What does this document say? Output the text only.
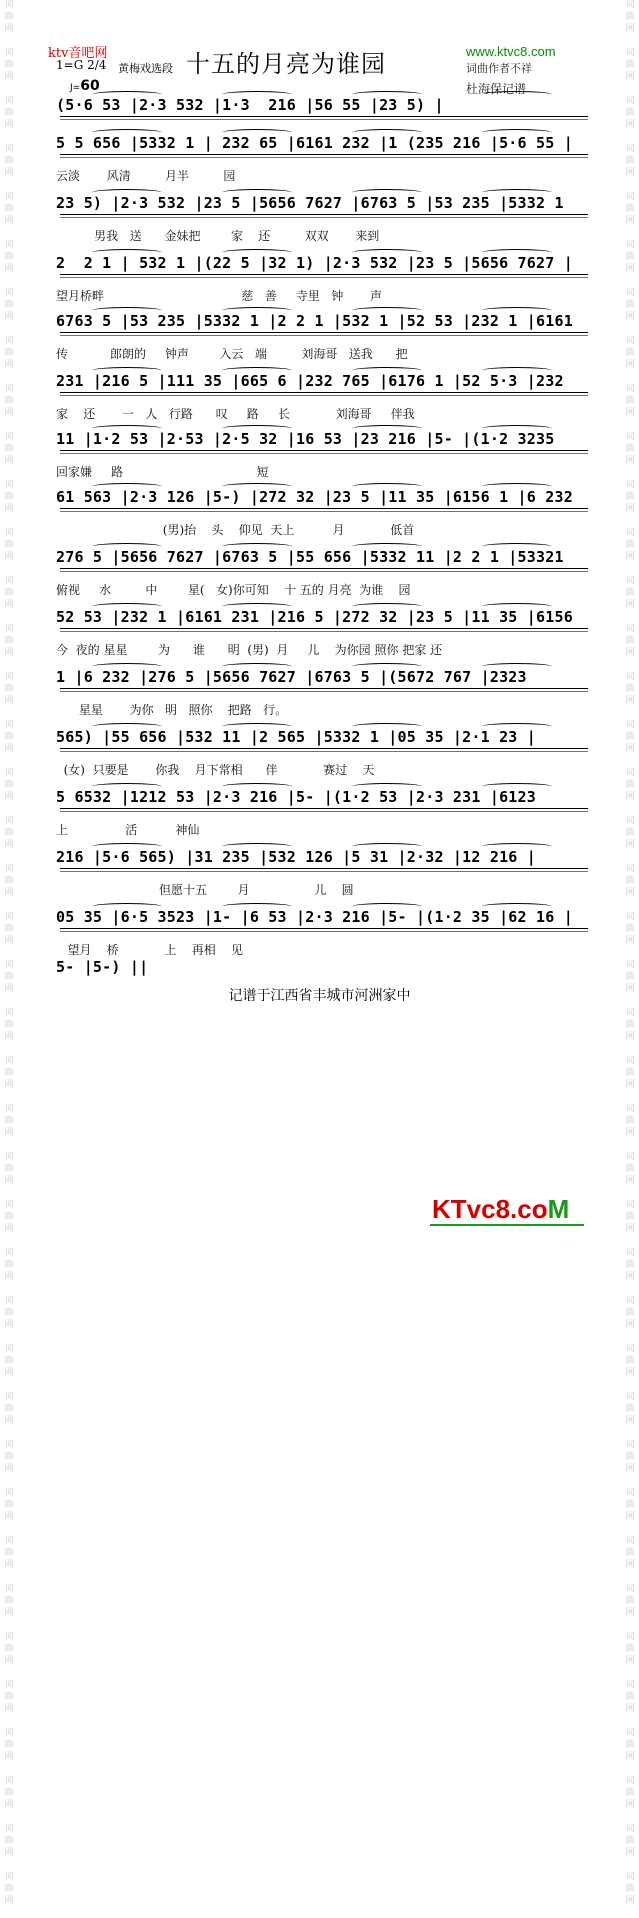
词
曲
网

词
曲
网

词
曲
网

词
曲
网

词
曲
网

词
曲
网

词
曲
网

词
曲
网

词
曲
网

词
曲
网

词
曲
网

词
曲
网

词
曲
网

词
曲
网

词
曲
网

词
曲
网

词
曲
网

词
曲
网

词
曲
网

词
曲
网

词
曲
网

词
曲
网

词
曲
网

词
曲
网

词
曲
网

词
曲
网

词
曲
网

词
曲
网

词
曲
网

词
曲
网

词
曲
网

词
曲
网

词
曲
网

词
曲
网

词
曲
网

词
曲
网

词
曲
网

词
曲
网

词
曲
网

词
曲
网

词
曲
网

词
曲
网

词
曲
网

词
曲
网

词
曲
网

词
曲
网

词
曲
网

词
曲
网

词
曲
网

词
曲
网

词
曲
网

词
曲
网

词
曲
网

词
曲
网

词
曲
网

词
曲
网

词
曲
网

词
曲
网

词
曲
网

词
曲
网

词
曲
网

词
曲
网

词
曲
网

词
曲
网

词
曲
网

词
曲
网

词
曲
网

词
曲
网

词
曲
网

词
曲
网

词
曲
网

词
曲
网

词
曲
网

词
曲
网

词
曲
网

词
曲
网

词
曲
网

词
曲
网

词
曲
网

词
曲
网

ktv音吧网
1=G 2/4 黄梅戏选段 十五的月亮为谁园	www.ktvc8.com
词曲作者不祥
J=60	杜海保记谱
(5·6 53 |2·3 532 |1·3  216 |56 55 |23 5) |
5 5 656 |5332 1 | 232 65 |6161 232 |1 (235 216 |5·6 55 |
云淡       风清         月半         园
23 5) |2·3 532 |23 5 |5656 7627 |6763 5 |53 235 |5332 1
男我   送      金妹把        家    还         双双       来到
2  2 1 | 532 1 |(22 5 |32 1) |2·3 532 |23 5 |5656 7627 |
望月桥畔                                    慈   善     寺里   钟       声
6763 5 |53 235 |5332 1 |2 2 1 |532 1 |52 53 |232 1 |6161
传           郎朗的     钟声        入云   端         刘海哥   送我      把
231 |216 5 |111 35 |665 6 |232 765 |6176 1 |52 5·3 |232
家    还       一   人   行路      叹     路     长            刘海哥     伴我
11 |1·2 53 |2·53 |2·5 32 |16 53 |23 216 |5- |(1·2 3235
回家嫌     路                                   短
61 563 |2·3 126 |5-) |272 32 |23 5 |11 35 |6156 1 |6 232
(男)抬    头    仰见  天上          月            低首
276 5 |5656 7627 |6763 5 |55 656 |5332 11 |2 2 1 |53321
俯视     水         中        星(   女)你可知    十 五的 月亮  为谁    园
52 53 |232 1 |6161 231 |216 5 |272 32 |23 5 |11 35 |6156
今  夜的 星星        为      谁      明  (男)  月     儿    为你园 照你 把家 还
1 |6 232 |276 5 |5656 7627 |6763 5 |(5672 767 |2323
星星       为你   明   照你    把路   行。
565) |55 656 |532 11 |2 565 |5332 1 |05 35 |2·1 23 |
(女)  只要是       你我    月下常相      伴            赛过    天
5 6532 |1212 53 |2·3 216 |5- |(1·2 53 |2·3 231 |6123
上               活          神仙
216 |5·6 565) |31 235 |532 126 |5 31 |2·32 |12 216 |
但愿十五        月                 儿    圆
05 35 |6·5 3523 |1- |6 53 |2·3 216 |5- |(1·2 35 |62 16 |
望月    桥            上    再相    见
5- |5-) ||
记谱于江西省丰城市河洲家中
KTvc8.coM
